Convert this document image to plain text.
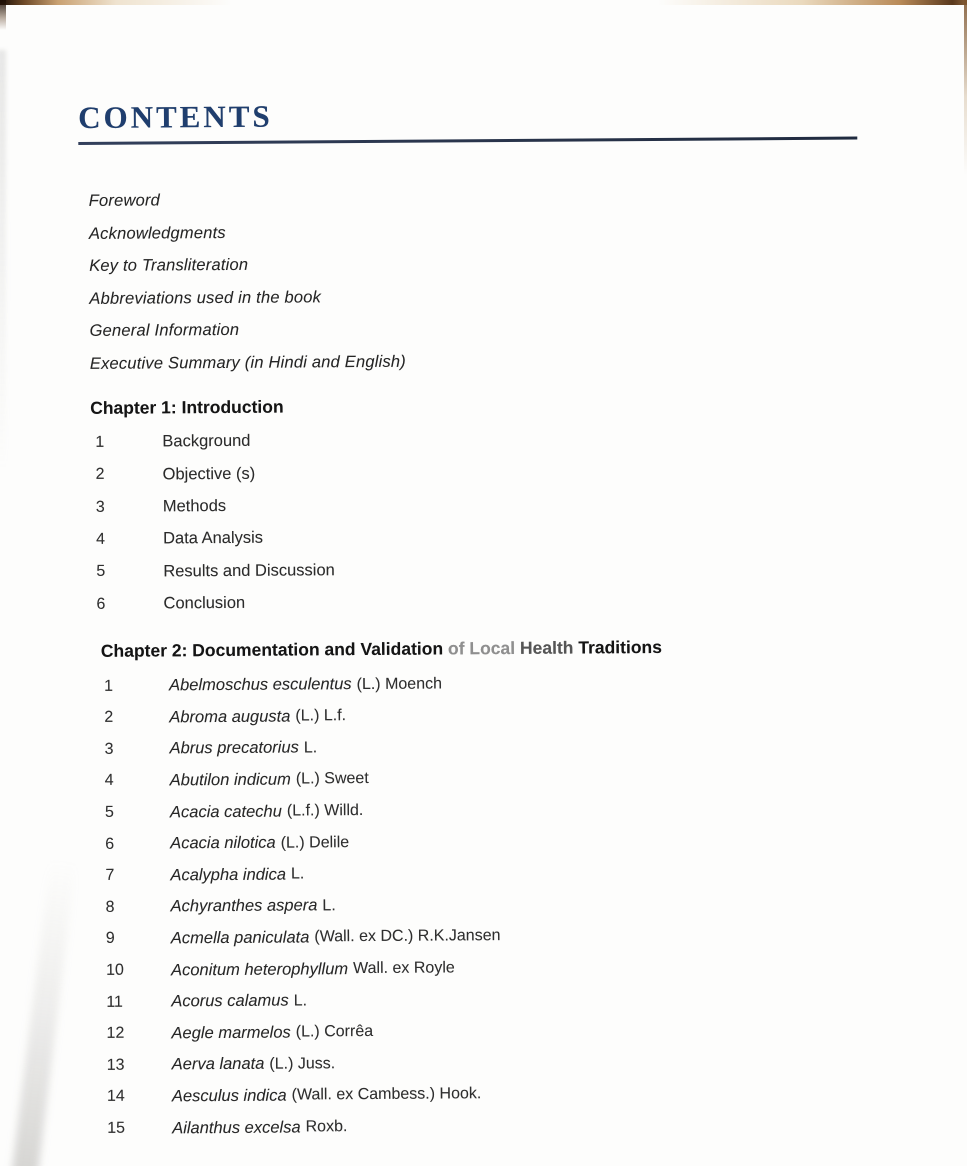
CONTENTS
Foreword
Acknowledgments
Key to Transliteration
Abbreviations used in the book
General Information
Executive Summary (in Hindi and English)
Chapter 1: Introduction
1	Background
2	Objective (s)
3	Methods
4	Data Analysis
5	Results and Discussion
6	Conclusion
Chapter 2: Documentation and Validation of Local Health Traditions
1	Abelmoschus esculentus (L.) Moench
2	Abroma augusta (L.) L.f.
3	Abrus precatorius L.
4	Abutilon indicum (L.) Sweet
5	Acacia catechu (L.f.) Willd.
6	Acacia nilotica (L.) Delile
7	Acalypha indica L.
8	Achyranthes aspera L.
9	Acmella paniculata (Wall. ex DC.) R.K.Jansen
10	Aconitum heterophyllum Wall. ex Royle
11	Acorus calamus L.
12	Aegle marmelos (L.) Corrêa
13	Aerva lanata (L.) Juss.
14	Aesculus indica (Wall. ex Cambess.) Hook.
15	Ailanthus excelsa Roxb.
